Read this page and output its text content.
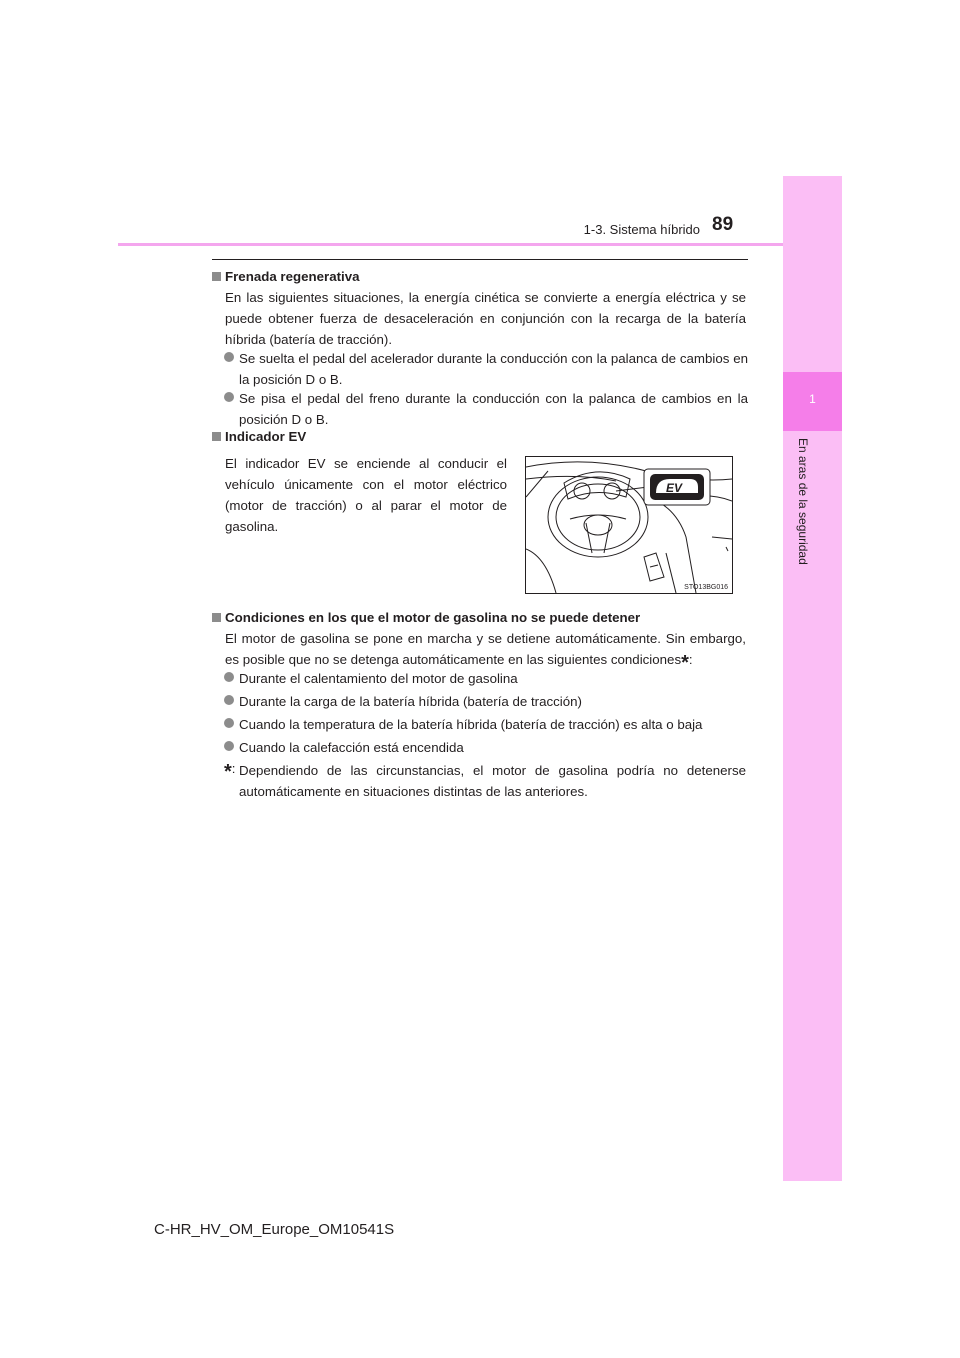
1-3. Sistema híbrido 89
1
En aras de la seguridad
Frenada regenerativa
En las siguientes situaciones, la energía cinética se convierte a energía eléctrica y se puede obtener fuerza de desaceleración en conjunción con la recarga de la batería híbrida (batería de tracción).
Se suelta el pedal del acelerador durante la conducción con la palanca de cambios en la posición D o B.
Se pisa el pedal del freno durante la conducción con la palanca de cambios en la posición D o B.
Indicador EV
El indicador EV se enciende al conducir el vehículo únicamente con el motor eléctrico (motor de tracción) o al parar el motor de gasolina.
EV
STO13BG016
Condiciones en los que el motor de gasolina no se puede detener
El motor de gasolina se pone en marcha y se detiene automáticamente. Sin embargo, es posible que no se detenga automáticamente en las siguientes condiciones*:
Durante el calentamiento del motor de gasolina
Durante la carga de la batería híbrida (batería de tracción)
Cuando la temperatura de la batería híbrida (batería de tracción) es alta o baja
Cuando la calefacción está encendida
*: Dependiendo de las circunstancias, el motor de gasolina podría no detenerse automáticamente en situaciones distintas de las anteriores.
C-HR_HV_OM_Europe_OM10541S
